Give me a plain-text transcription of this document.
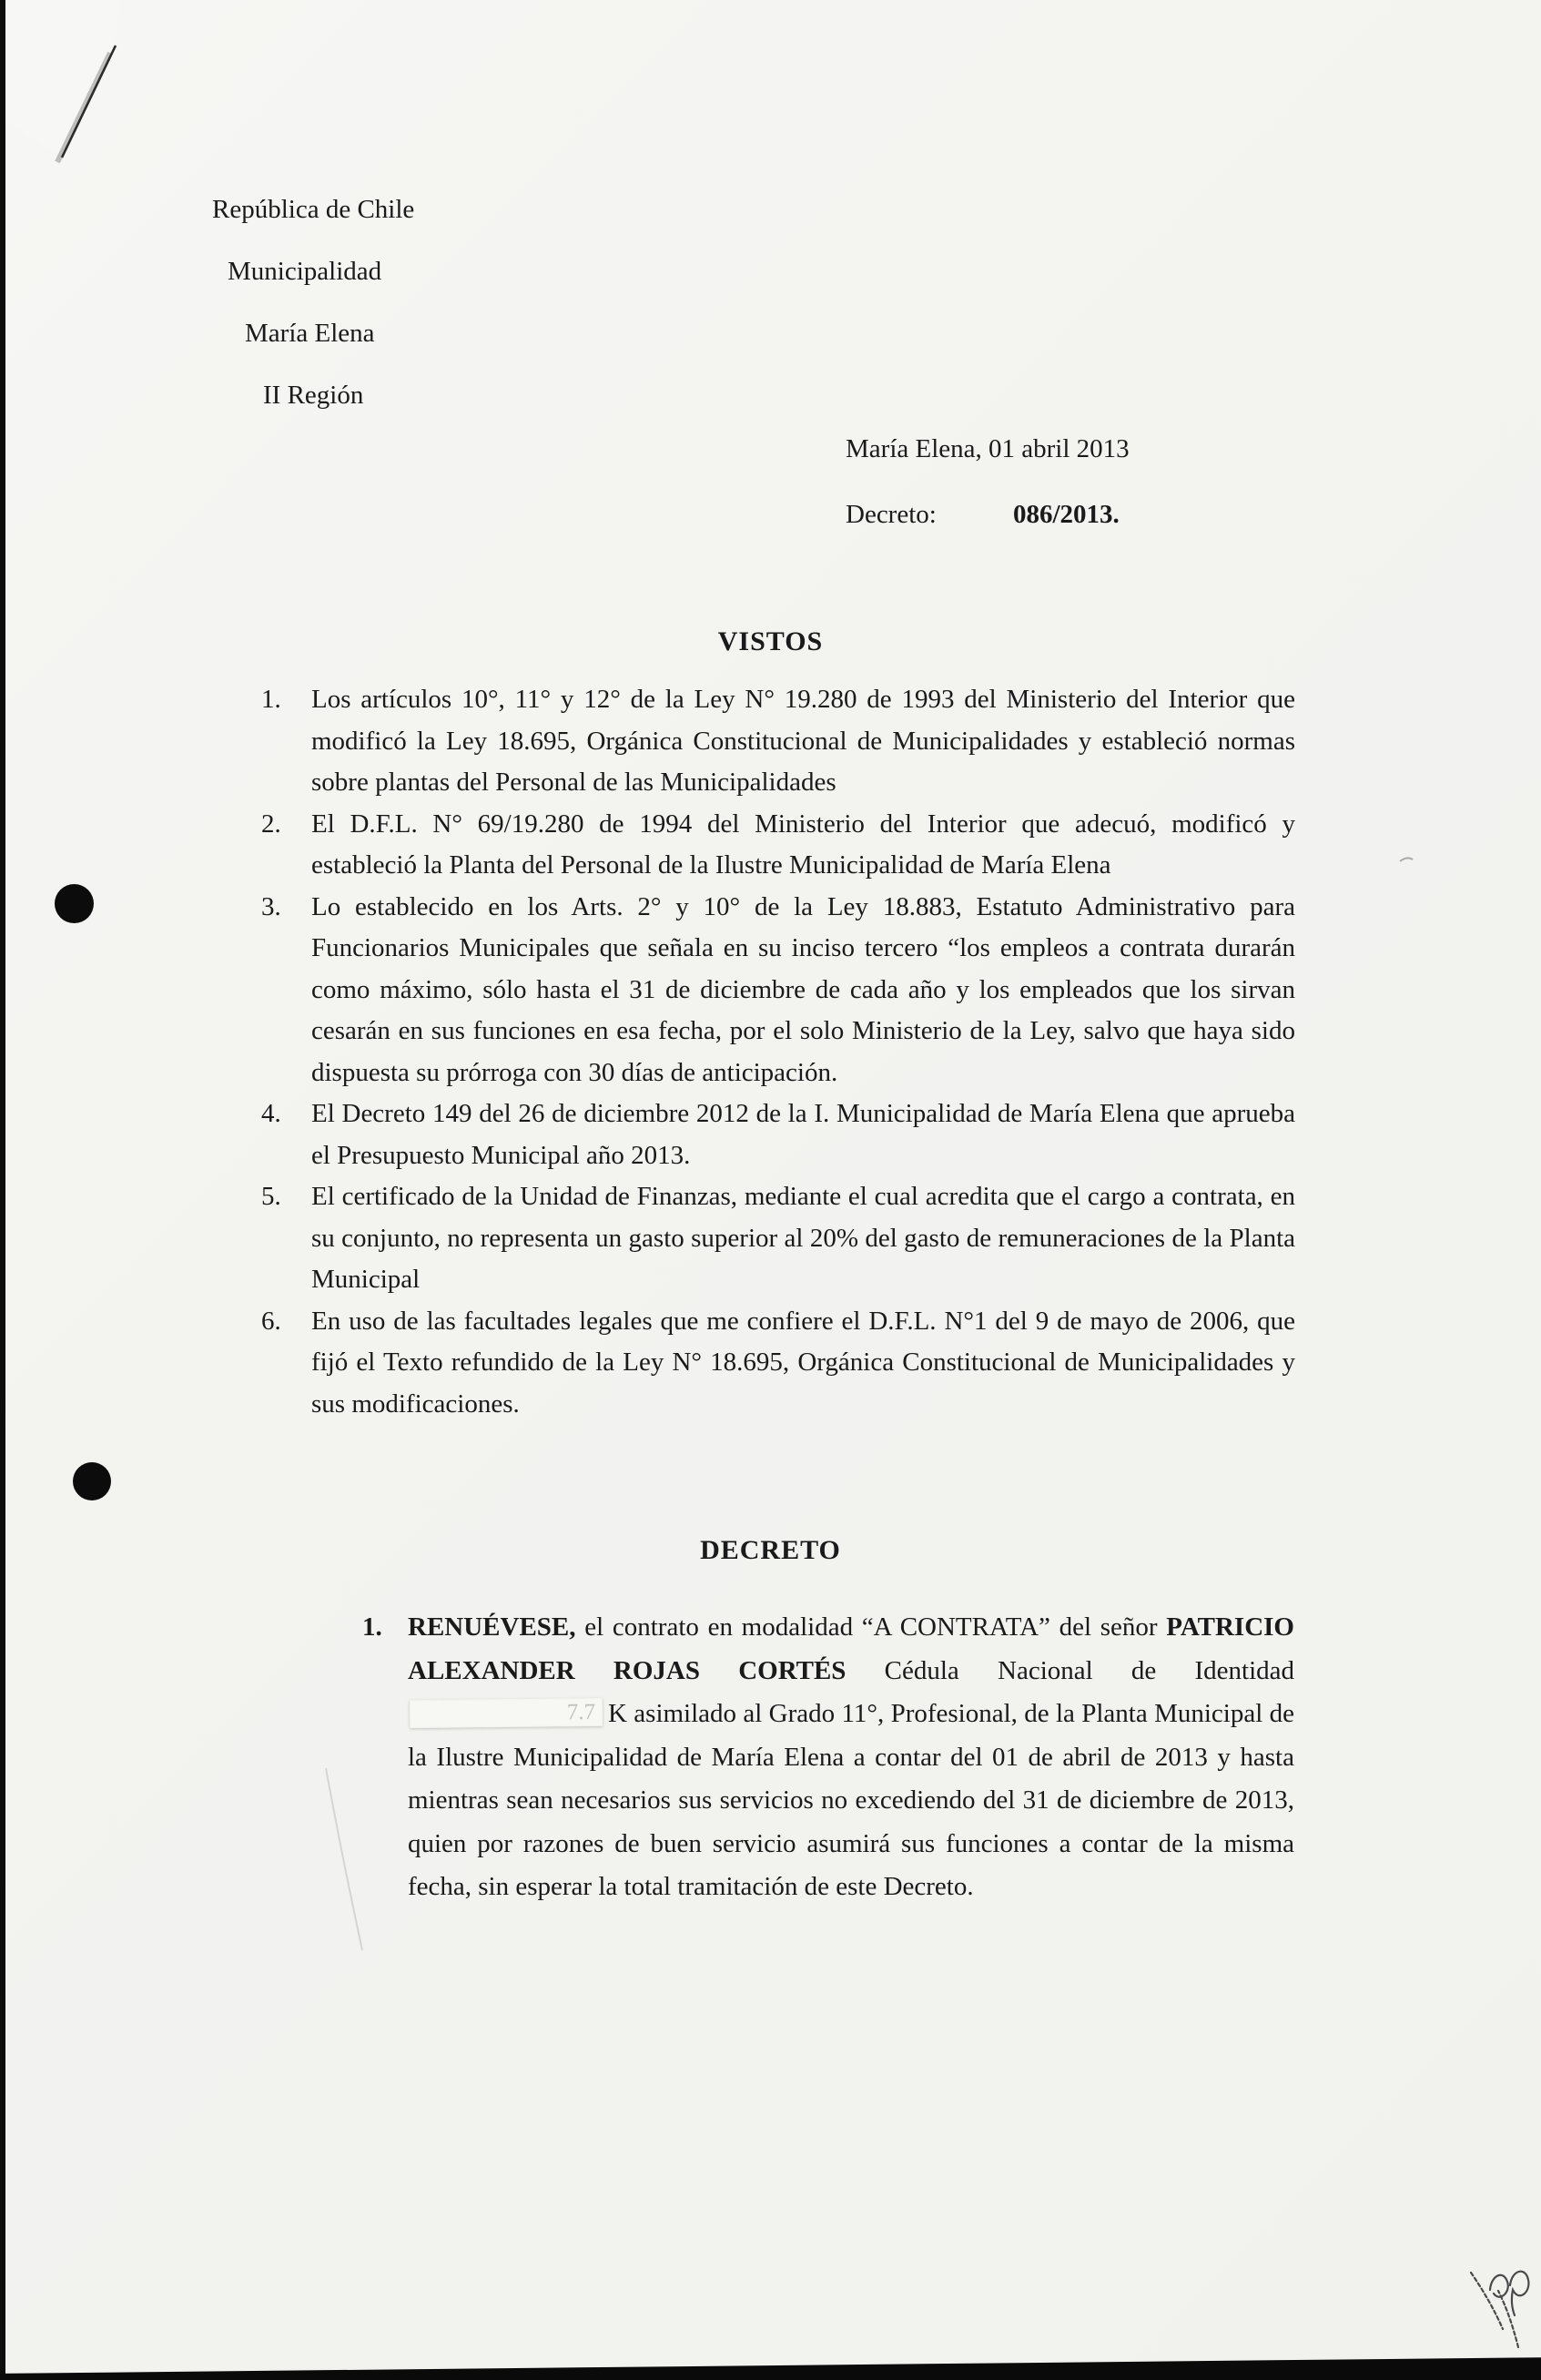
República de Chile
Municipalidad
María Elena
II Región
María Elena, 01 abril 2013
Decreto:	086/2013.
VISTOS
1.	Los artículos 10°, 11° y 12° de la Ley N° 19.280 de 1993 del Ministerio del Interior que modificó la Ley 18.695, Orgánica Constitucional de Municipalidades y estableció normas sobre plantas del Personal de las Municipalidades
2.	El D.F.L. N° 69/19.280 de 1994 del Ministerio del Interior que adecuó, modificó y estableció la Planta del Personal de la Ilustre Municipalidad de María Elena
3.	Lo establecido en los Arts. 2° y 10° de la Ley 18.883, Estatuto Administrativo para Funcionarios Municipales que señala en su inciso tercero “los empleos a contrata durarán como máximo, sólo hasta el 31 de diciembre de cada año y los empleados que los sirvan cesarán en sus funciones en esa fecha, por el solo Ministerio de la Ley, salvo que haya sido dispuesta su prórroga con 30 días de anticipación.
4.	El Decreto 149 del 26 de diciembre 2012 de la I. Municipalidad de María Elena que aprueba el Presupuesto Municipal año 2013.
5.	El certificado de la Unidad de Finanzas, mediante el cual acredita que el cargo a contrata, en su conjunto, no representa un gasto superior al 20% del gasto de remuneraciones de la Planta Municipal
6.	En uso de las facultades legales que me confiere el D.F.L. N°1 del 9 de mayo de 2006, que fijó el Texto refundido de la Ley N° 18.695, Orgánica Constitucional de Municipalidades y sus modificaciones.
DECRETO
1. RENUÉVESE, el contrato en modalidad “A CONTRATA” del señor PATRICIO ALEXANDER ROJAS CORTÉS Cédula Nacional de Identidad7.7 K asimilado al Grado 11°, Profesional, de la Planta Municipal de la Ilustre Municipalidad de María Elena a contar del 01 de abril de 2013 y hasta mientras sean necesarios sus servicios no excediendo del 31 de diciembre de 2013, quien por razones de buen servicio asumirá sus funciones a contar de la misma fecha, sin esperar la total tramitación de este Decreto.
